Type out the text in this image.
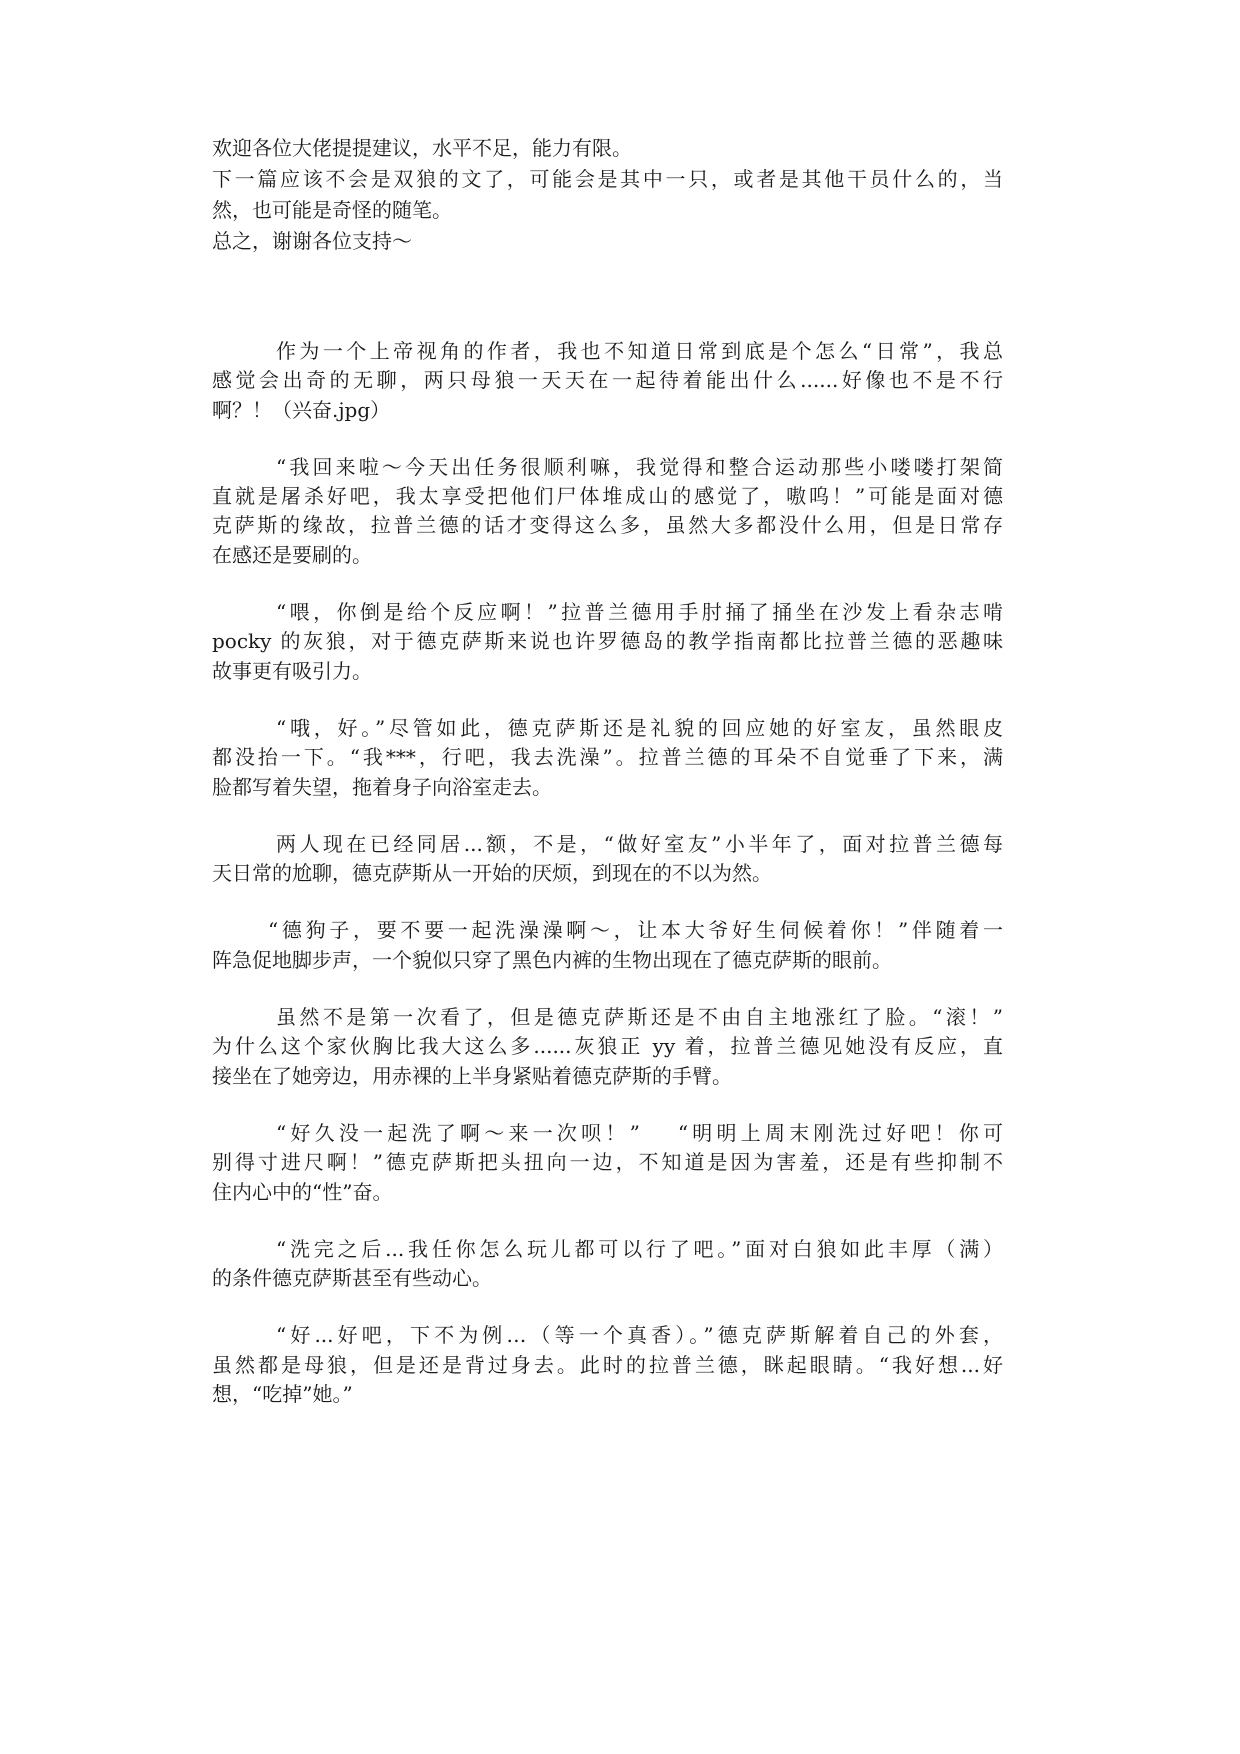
欢迎各位大佬提提建议，水平不足，能力有限。
下一篇应该不会是双狼的文了，可能会是其中一只，或者是其他干员什么的，当
然，也可能是奇怪的随笔。
总之，谢谢各位支持～
作为一个上帝视角的作者，我也不知道日常到底是个怎么“日常”，我总
感觉会出奇的无聊，两只母狼一天天在一起待着能出什么......好像也不是不行
啊？！（兴奋.jpg）
“我回来啦～今天出任务很顺利嘛，我觉得和整合运动那些小喽喽打架简
直就是屠杀好吧，我太享受把他们尸体堆成山的感觉了，嗷呜！”可能是面对德
克萨斯的缘故，拉普兰德的话才变得这么多，虽然大多都没什么用，但是日常存
在感还是要刷的。
“喂，你倒是给个反应啊！”拉普兰德用手肘捅了捅坐在沙发上看杂志啃
pocky 的灰狼，对于德克萨斯来说也许罗德岛的教学指南都比拉普兰德的恶趣味
故事更有吸引力。
“哦，好。”尽管如此，德克萨斯还是礼貌的回应她的好室友，虽然眼皮
都没抬一下。“我***，行吧，我去洗澡”。拉普兰德的耳朵不自觉垂了下来，满
脸都写着失望，拖着身子向浴室走去。
两人现在已经同居...额，不是，“做好室友”小半年了，面对拉普兰德每
天日常的尬聊，德克萨斯从一开始的厌烦，到现在的不以为然。
“德狗子，要不要一起洗澡澡啊～，让本大爷好生伺候着你！”伴随着一
阵急促地脚步声，一个貌似只穿了黑色内裤的生物出现在了德克萨斯的眼前。
虽然不是第一次看了，但是德克萨斯还是不由自主地涨红了脸。“滚！”
为什么这个家伙胸比我大这么多......灰狼正 yy 着，拉普兰德见她没有反应，直
接坐在了她旁边，用赤裸的上半身紧贴着德克萨斯的手臂。
“好久没一起洗了啊～来一次呗！” “明明上周末刚洗过好吧！你可
别得寸进尺啊！”德克萨斯把头扭向一边，不知道是因为害羞，还是有些抑制不
住内心中的“性”奋。
“洗完之后...我任你怎么玩儿都可以行了吧。”面对白狼如此丰厚（满）
的条件德克萨斯甚至有些动心。
“好...好吧，下不为例…（等一个真香）。”德克萨斯解着自己的外套，
虽然都是母狼，但是还是背过身去。此时的拉普兰德，眯起眼睛。“我好想...好
想，“吃掉”她。”
